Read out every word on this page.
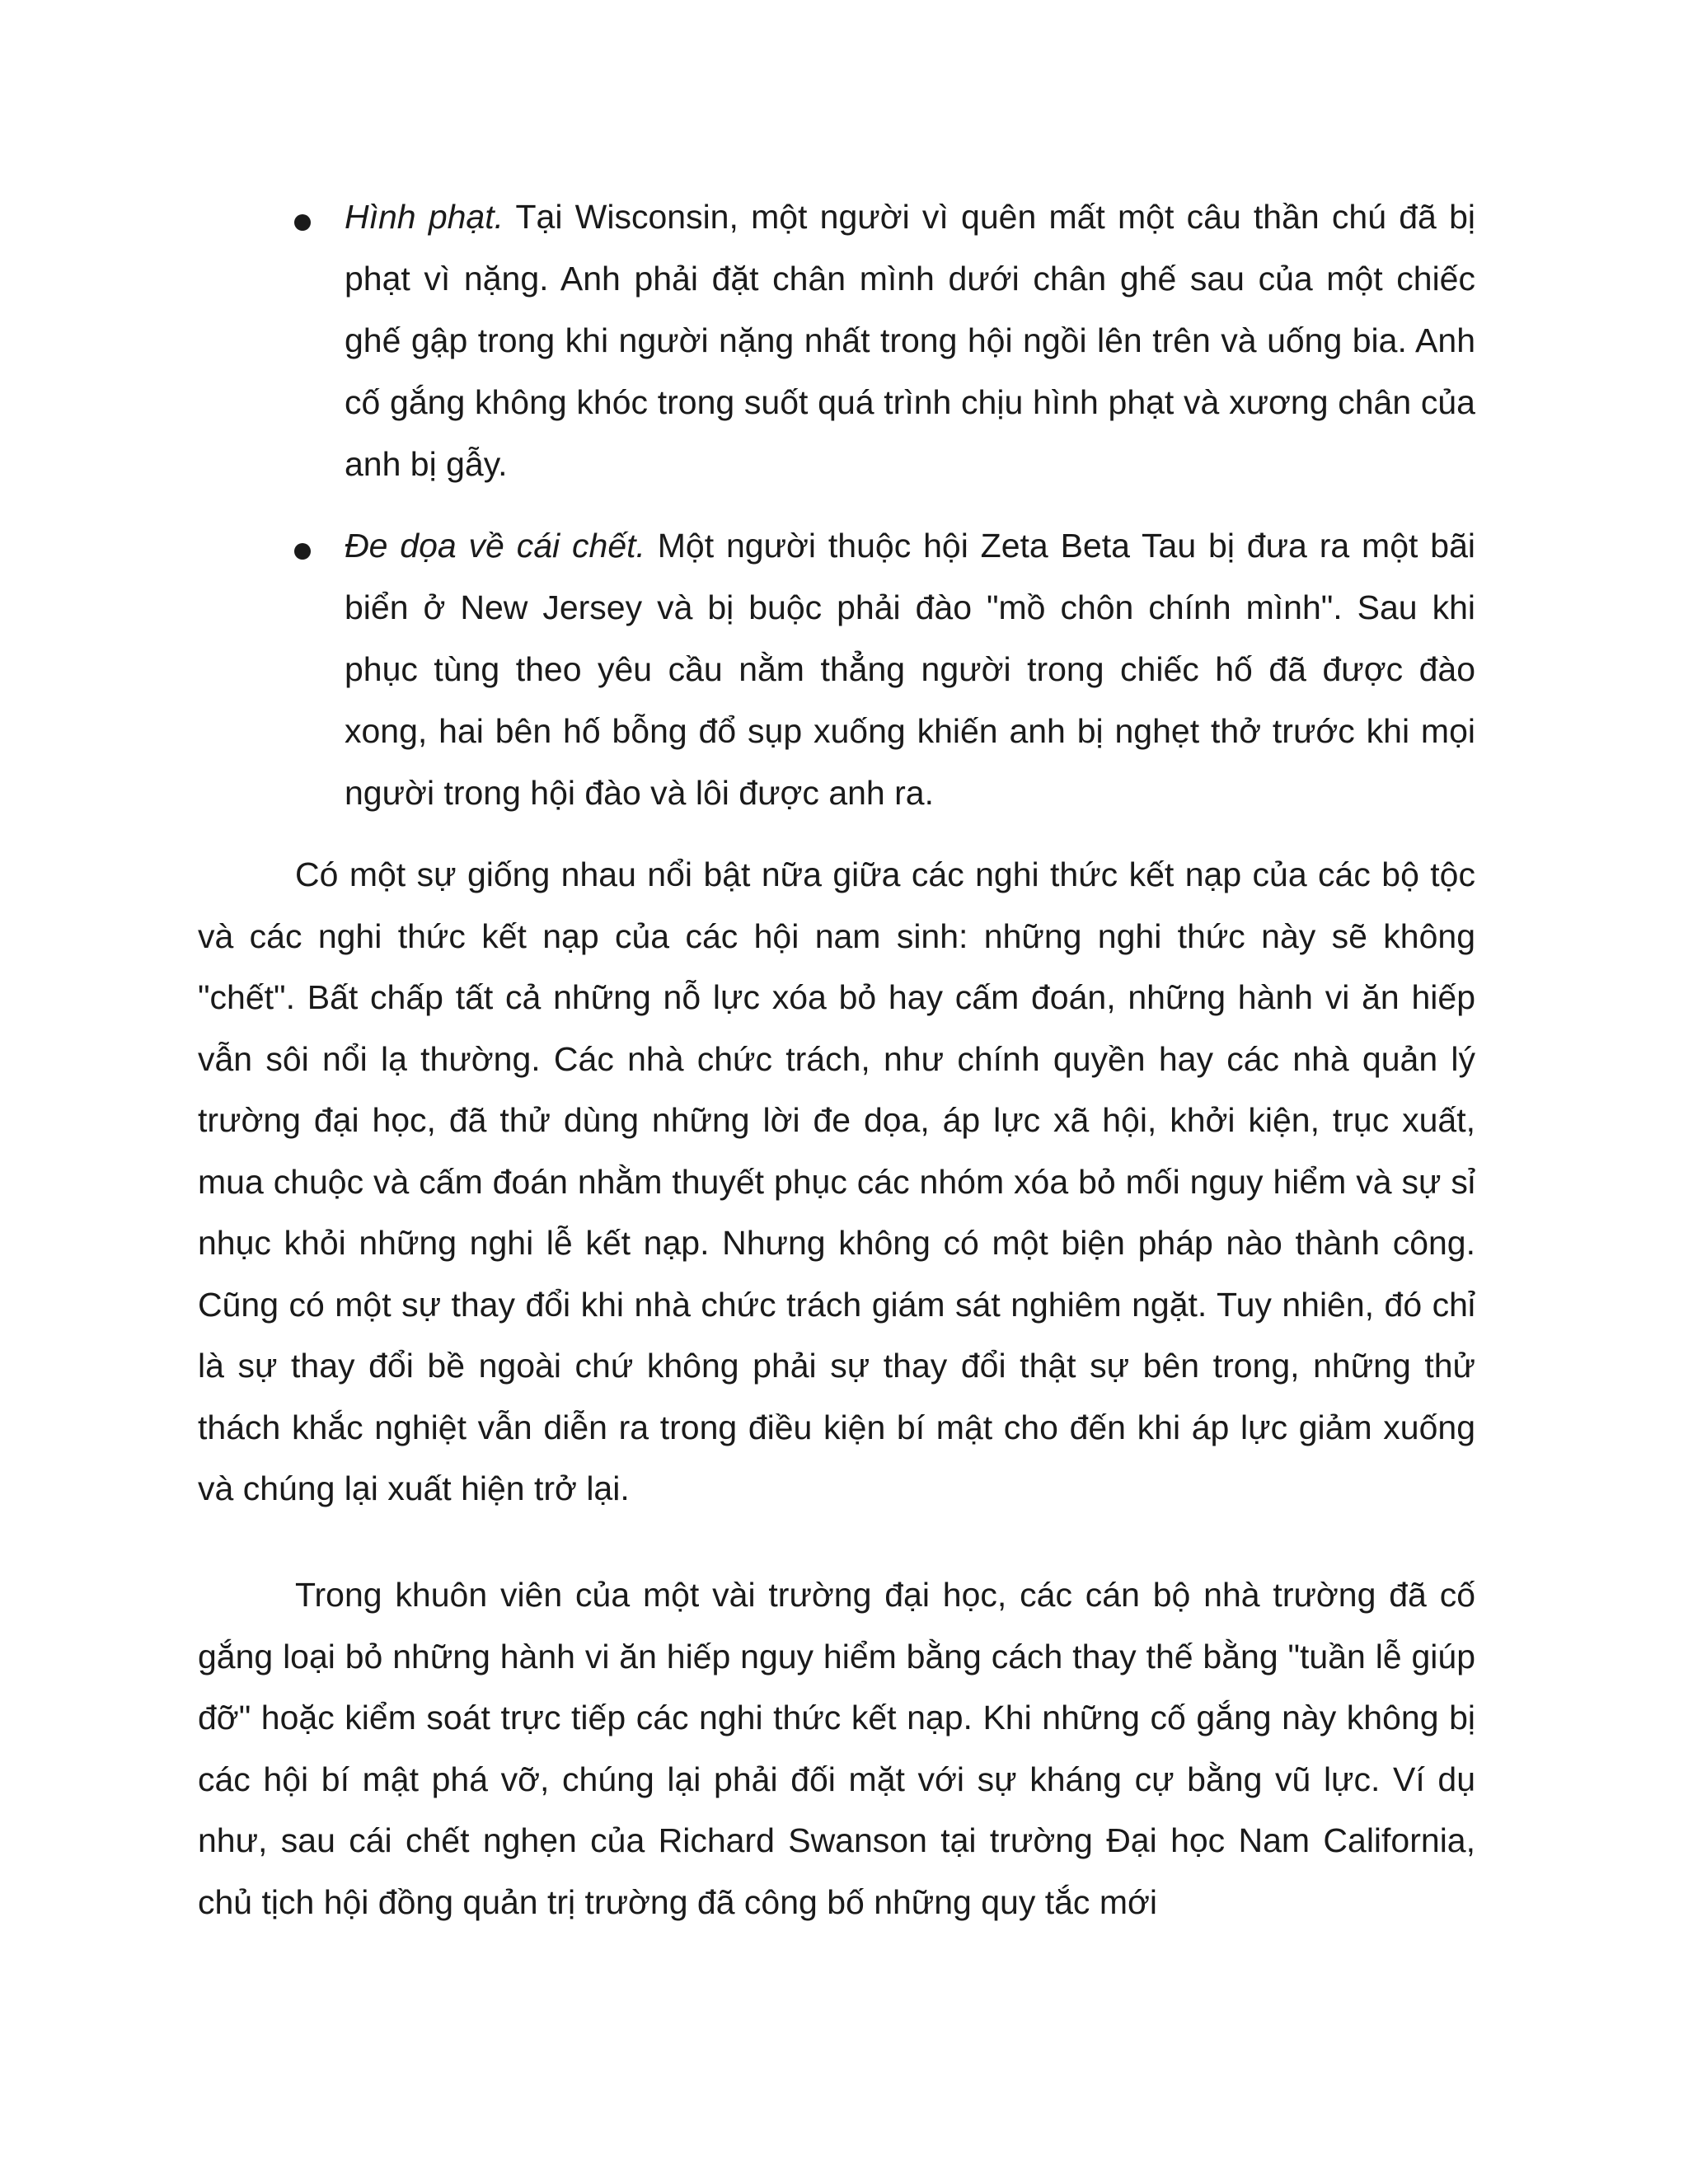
Hình phạt. Tại Wisconsin, một người vì quên mất một câu thần chú đã bị phạt vì nặng. Anh phải đặt chân mình dưới chân ghế sau của một chiếc ghế gập trong khi người nặng nhất trong hội ngồi lên trên và uống bia. Anh cố gắng không khóc trong suốt quá trình chịu hình phạt và xương chân của anh bị gẫy.

Đe dọa về cái chết. Một người thuộc hội Zeta Beta Tau bị đưa ra một bãi biển ở New Jersey và bị buộc phải đào "mồ chôn chính mình". Sau khi phục tùng theo yêu cầu nằm thẳng người trong chiếc hố đã được đào xong, hai bên hố bỗng đổ sụp xuống khiến anh bị nghẹt thở trước khi mọi người trong hội đào và lôi được anh ra.

Có một sự giống nhau nổi bật nữa giữa các nghi thức kết nạp của các bộ tộc và các nghi thức kết nạp của các hội nam sinh: những nghi thức này sẽ không "chết". Bất chấp tất cả những nỗ lực xóa bỏ hay cấm đoán, những hành vi ăn hiếp vẫn sôi nổi lạ thường. Các nhà chức trách, như chính quyền hay các nhà quản lý trường đại học, đã thử dùng những lời đe dọa, áp lực xã hội, khởi kiện, trục xuất, mua chuộc và cấm đoán nhằm thuyết phục các nhóm xóa bỏ mối nguy hiểm và sự sỉ nhục khỏi những nghi lễ kết nạp. Nhưng không có một biện pháp nào thành công. Cũng có một sự thay đổi khi nhà chức trách giám sát nghiêm ngặt. Tuy nhiên, đó chỉ là sự thay đổi bề ngoài chứ không phải sự thay đổi thật sự bên trong, những thử thách khắc nghiệt vẫn diễn ra trong điều kiện bí mật cho đến khi áp lực giảm xuống và chúng lại xuất hiện trở lại.

Trong khuôn viên của một vài trường đại học, các cán bộ nhà trường đã cố gắng loại bỏ những hành vi ăn hiếp nguy hiểm bằng cách thay thế bằng "tuần lễ giúp đỡ" hoặc kiểm soát trực tiếp các nghi thức kết nạp. Khi những cố gắng này không bị các hội bí mật phá vỡ, chúng lại phải đối mặt với sự kháng cự bằng vũ lực. Ví dụ như, sau cái chết nghẹn của Richard Swanson tại trường Đại học Nam California, chủ tịch hội đồng quản trị trường đã công bố những quy tắc mới
